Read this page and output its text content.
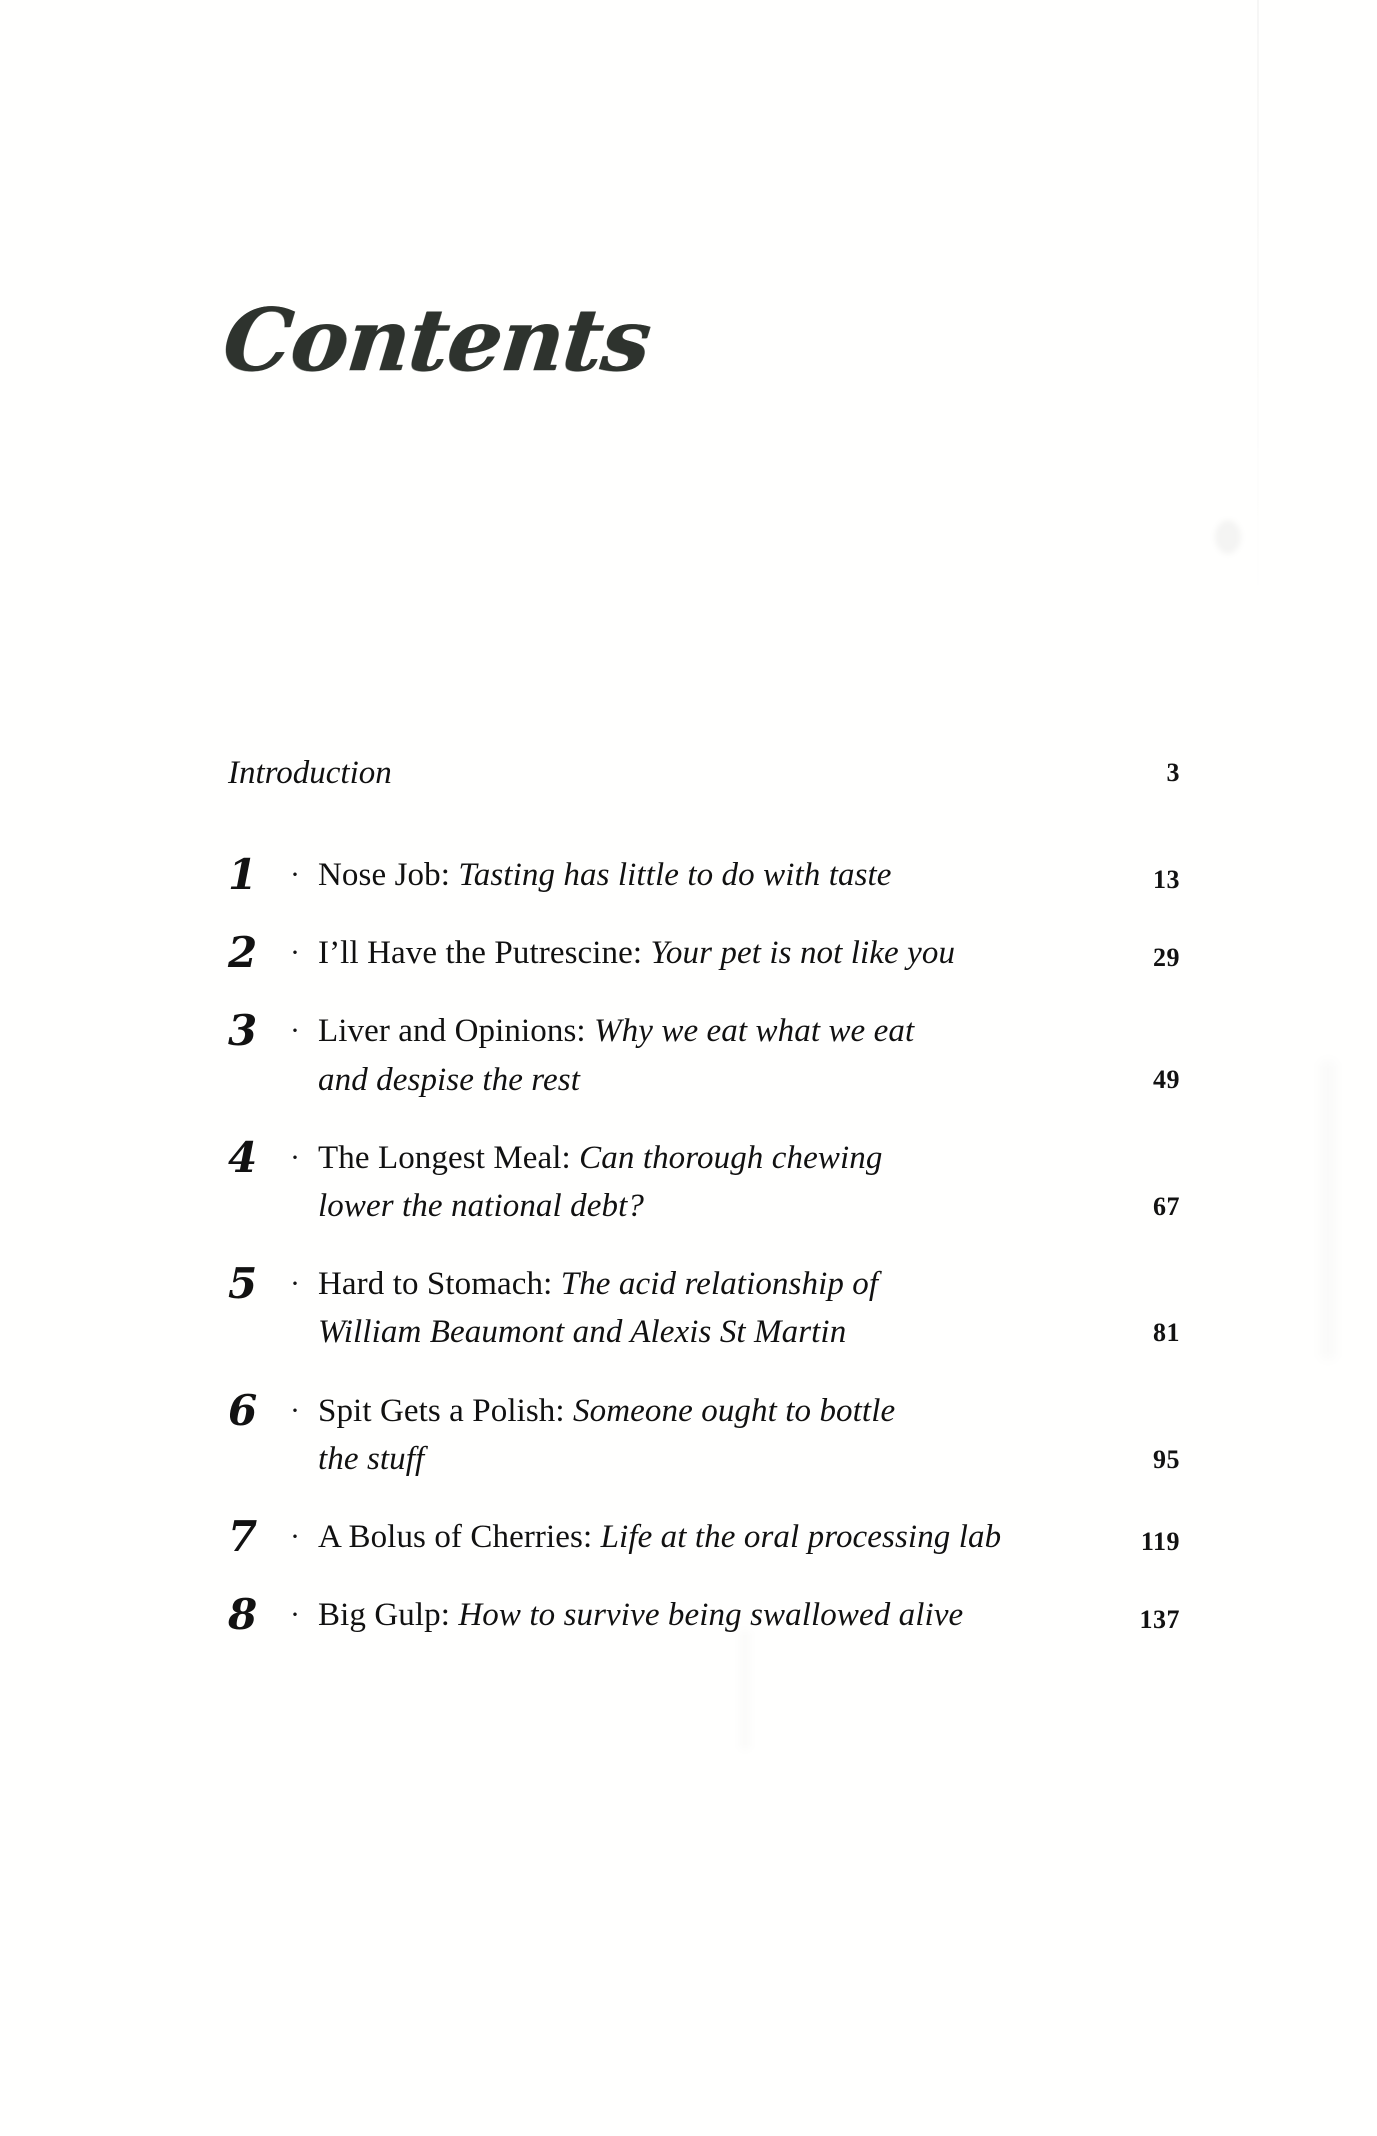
Contents
Introduction	3
1	· Nose Job: Tasting has little to do with taste	13
2	· I’ll Have the Putrescine: Your pet is not like you	29
3	· Liver and Opinions: Why we eat what we eat
and despise the rest	49
4	· The Longest Meal: Can thorough chewing
lower the national debt?	67
5	· Hard to Stomach: The acid relationship of
William Beaumont and Alexis St Martin	81
6	· Spit Gets a Polish: Someone ought to bottle
the stuff	95
7	· A Bolus of Cherries: Life at the oral processing lab	119
8	· Big Gulp: How to survive being swallowed alive	137
